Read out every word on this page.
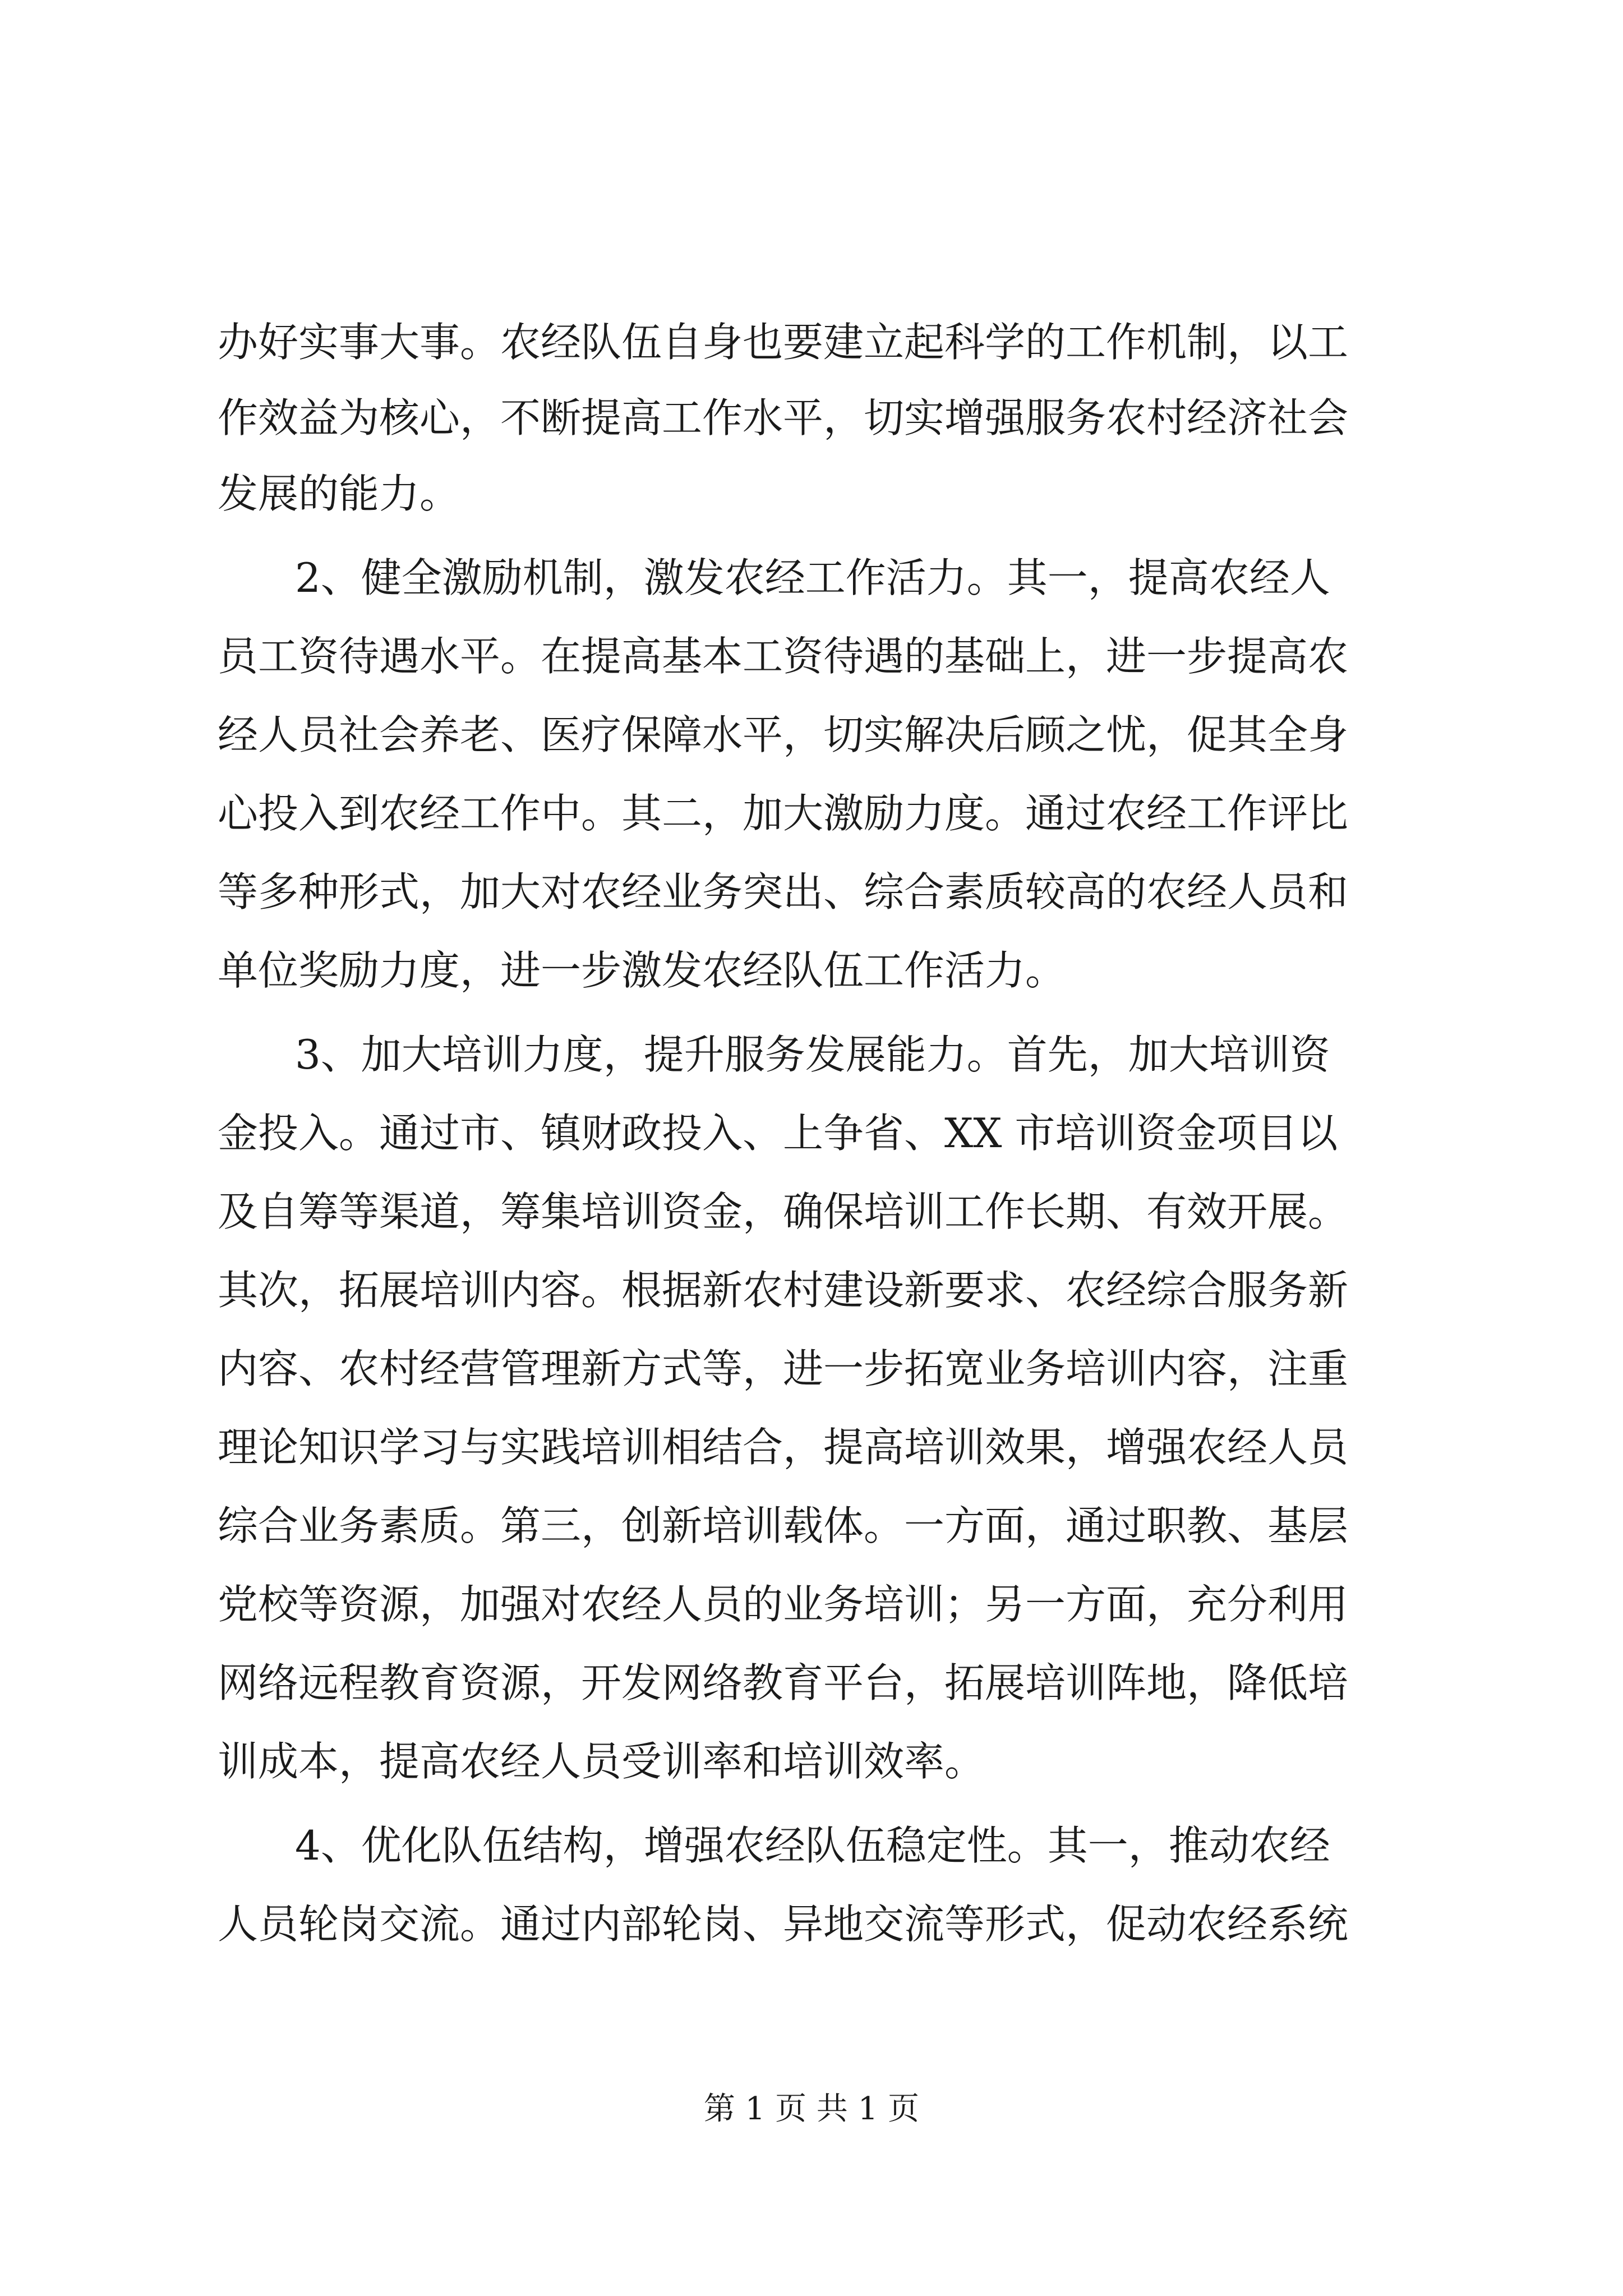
办好实事大事。农经队伍自身也要建立起科学的工作机制，以工
作效益为核心，不断提高工作水平，切实增强服务农村经济社会
发展的能力。
2、健全激励机制，激发农经工作活力。其一，提高农经人
员工资待遇水平。在提高基本工资待遇的基础上，进一步提高农
经人员社会养老、医疗保障水平，切实解决后顾之忧，促其全身
心投入到农经工作中。其二，加大激励力度。通过农经工作评比
等多种形式，加大对农经业务突出、综合素质较高的农经人员和
单位奖励力度，进一步激发农经队伍工作活力。
3、加大培训力度，提升服务发展能力。首先，加大培训资
金投入。通过市、镇财政投入、上争省、XX 市培训资金项目以
及自筹等渠道，筹集培训资金，确保培训工作长期、有效开展。
其次，拓展培训内容。根据新农村建设新要求、农经综合服务新
内容、农村经营管理新方式等，进一步拓宽业务培训内容，注重
理论知识学习与实践培训相结合，提高培训效果，增强农经人员
综合业务素质。第三，创新培训载体。一方面，通过职教、基层
党校等资源，加强对农经人员的业务培训；另一方面，充分利用
网络远程教育资源，开发网络教育平台，拓展培训阵地，降低培
训成本，提高农经人员受训率和培训效率。
4、优化队伍结构，增强农经队伍稳定性。其一，推动农经
人员轮岗交流。通过内部轮岗、异地交流等形式，促动农经系统
第 1 页 共 1 页
